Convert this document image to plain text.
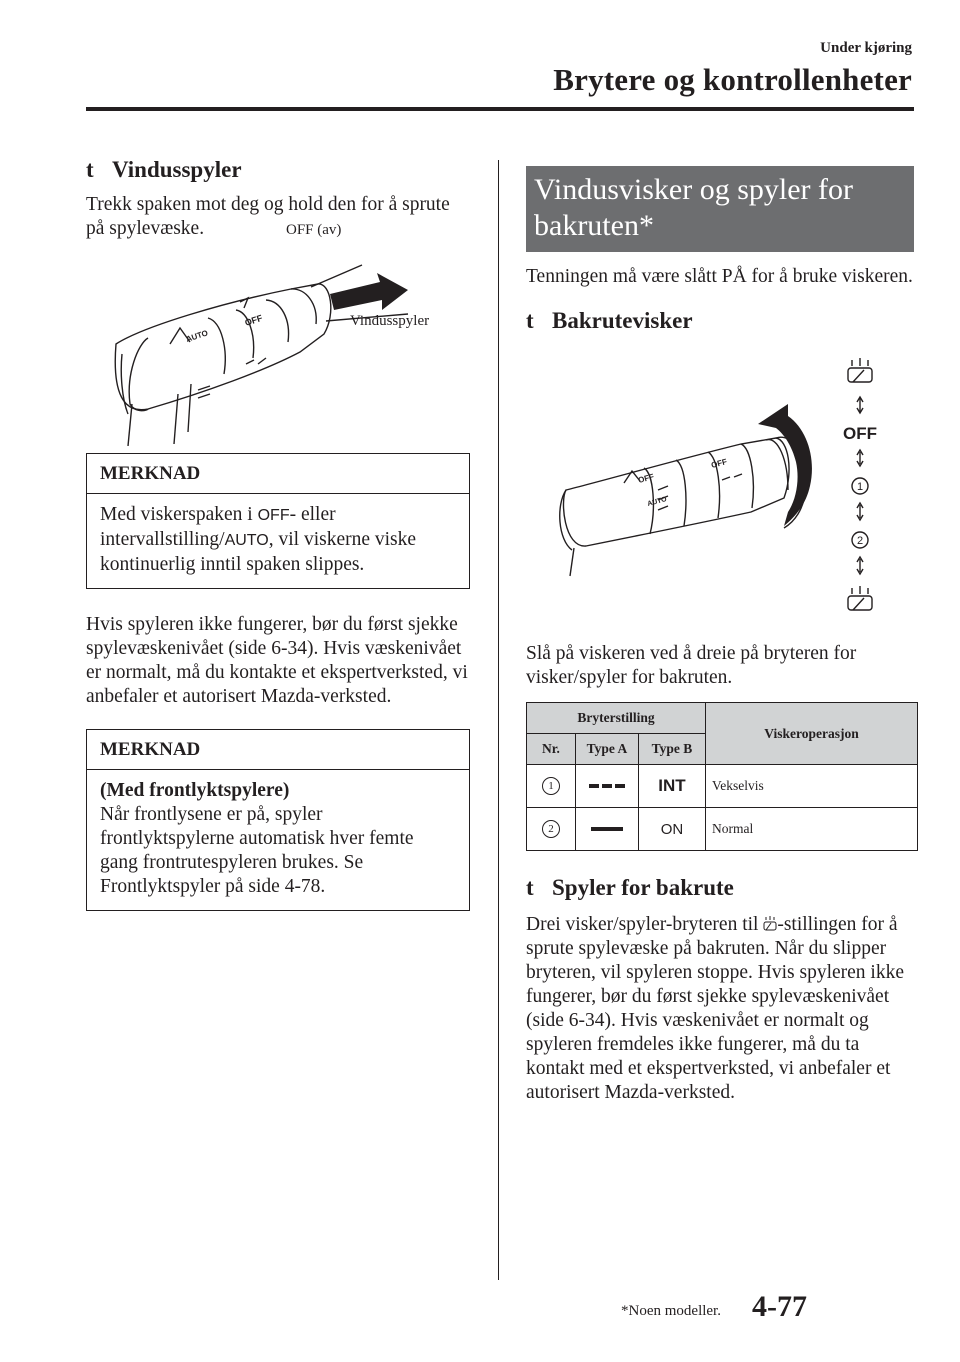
Under kjøring
Brytere og kontrollenheter
t Vindusspyler

Trekk spaken mot deg og hold den for å sprute på spylevæske.

AUTO
OFF
OFF (av)
Vindusspyler
MERKNAD
Med viskerspaken i OFF- eller intervallstilling/AUTO, vil viskerne viske kontinuerlig inntil spaken slippes.

Hvis spyleren ikke fungerer, bør du først sjekke spylevæskenivået (side 6-34). Hvis væskenivået er normalt, må du kontakte et ekspertverksted, vi anbefaler et autorisert Mazda-verksted.

MERKNAD
(Med frontlyktspylere)
Når frontlysene er på, spyler frontlyktspylerne automatisk hver femte gang frontrutespyleren brukes. Se Frontlyktspyler på side 4-78.
Vindusvisker og spyler for bakruten*

Tenningen må være slått PÅ for å bruke viskeren.

t Bakrutevisker
OFF
AUTO
OFF
OFF
1
2

Slå på viskeren ved å dreie på bryteren for visker/spyler for bakruten.

Bryterstilling			Viskeroperasjon
Nr.	Type A	Type B	
1		INT	Vekselvis
2		ON	Normal
t Spyler for bakrute

Drei visker/spyler-bryteren til -stillingen for å sprute spylevæske på bakruten. Når du slipper bryteren, vil spyleren stoppe. Hvis spyleren ikke fungerer, bør du først sjekke spylevæskenivået (side 6-34). Hvis væskenivået er normalt og spyleren fremdeles ikke fungerer, må du ta kontakt med et ekspertverksted, vi anbefaler et autorisert Mazda-verksted.

*Noen modeller. 4-77
